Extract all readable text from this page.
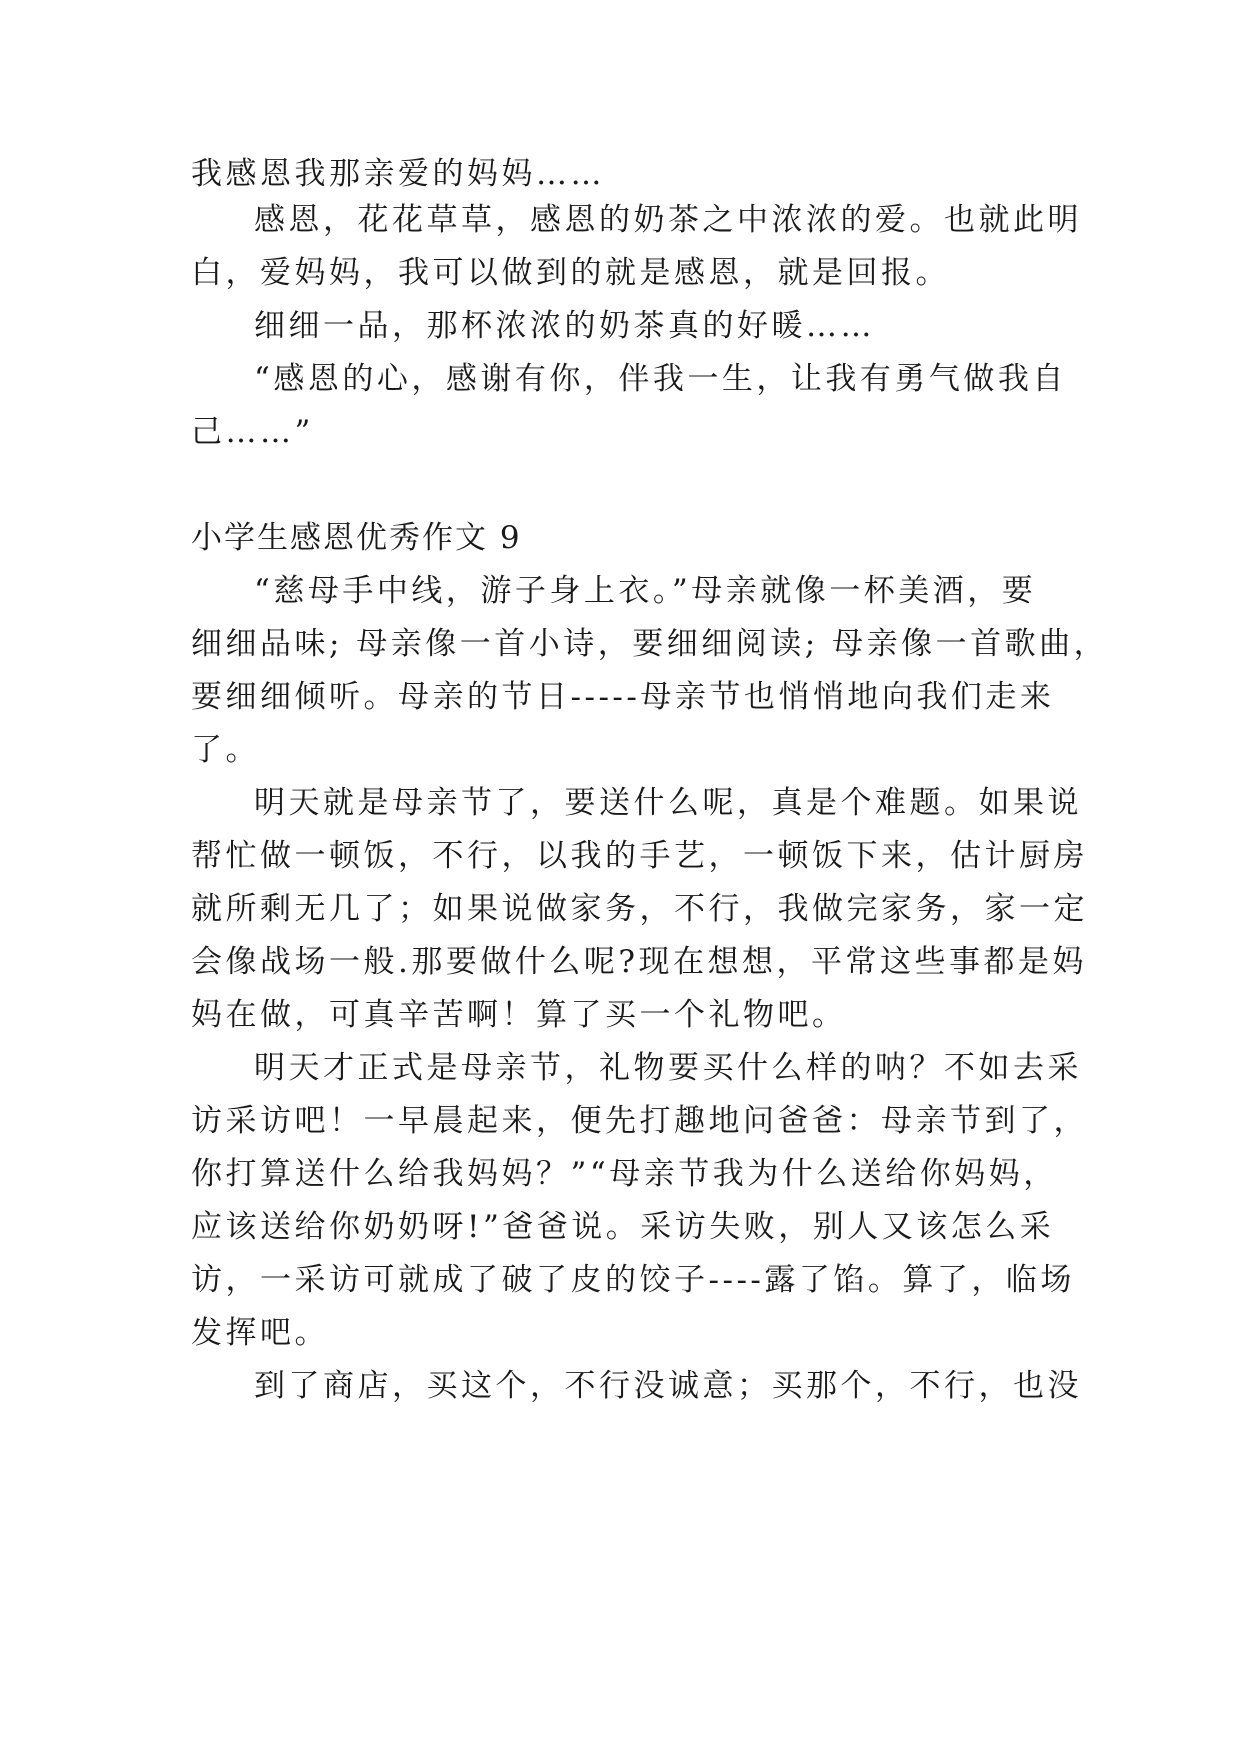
我感恩我那亲爱的妈妈……
感恩，花花草草，感恩的奶茶之中浓浓的爱。也就此明
白，爱妈妈，我可以做到的就是感恩，就是回报。
细细一品，那杯浓浓的奶茶真的好暖……
“感恩的心，感谢有你，伴我一生，让我有勇气做我自
己……”
小学生感恩优秀作文 9
“慈母手中线，游子身上衣。”母亲就像一杯美酒，要
细细品味; 母亲像一首小诗，要细细阅读; 母亲像一首歌曲，
要细细倾听。母亲的节日-----母亲节也悄悄地向我们走来
了。
明天就是母亲节了，要送什么呢，真是个难题。如果说
帮忙做一顿饭，不行，以我的手艺，一顿饭下来，估计厨房
就所剩无几了；如果说做家务，不行，我做完家务，家一定
会像战场一般.那要做什么呢?现在想想，平常这些事都是妈
妈在做，可真辛苦啊！算了买一个礼物吧。
明天才正式是母亲节，礼物要买什么样的呐？不如去采
访采访吧！一早晨起来，便先打趣地问爸爸：母亲节到了，
你打算送什么给我妈妈？”“母亲节我为什么送给你妈妈，
应该送给你奶奶呀!”爸爸说。采访失败，别人又该怎么采
访，一采访可就成了破了皮的饺子----露了馅。算了，临场
发挥吧。
到了商店，买这个，不行没诚意；买那个，不行，也没
